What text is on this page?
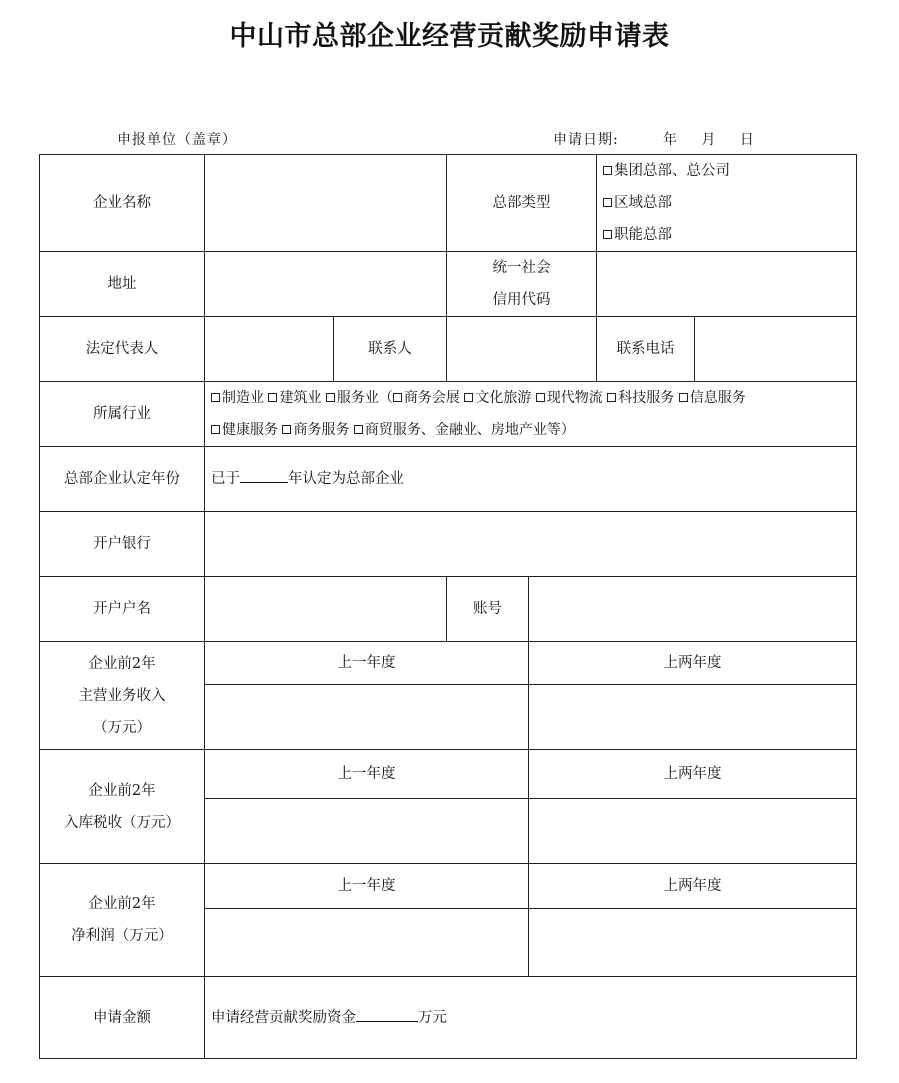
中山市总部企业经营贡献奖励申请表
申报单位（盖章）	申请日期:	年 月 日
企业名称			总部类型		集团总部、总公司
区域总部
职能总部	

地址			统一社会
信用代码			

法定代表人		联系人			联系电话	
所属行业	制造业 建筑业 服务业（ 商务会展 文化旅游 现代物流 科技服务 信息服务
健康服务 商务服务 商贸服务、金融业、房地产业等）					

总部企业认定年份	已于 年认定为总部企业					
开户银行						
开户户名			账号			

企业前2年
主营业务收入
（万元）	上一年度			上两年度		

企业前2年
入库税收（万元）	上一年度			上两年度		

企业前2年
净利润（万元）	上一年度			上两年度		

申请金额	申请经营贡献奖励资金 万元					
